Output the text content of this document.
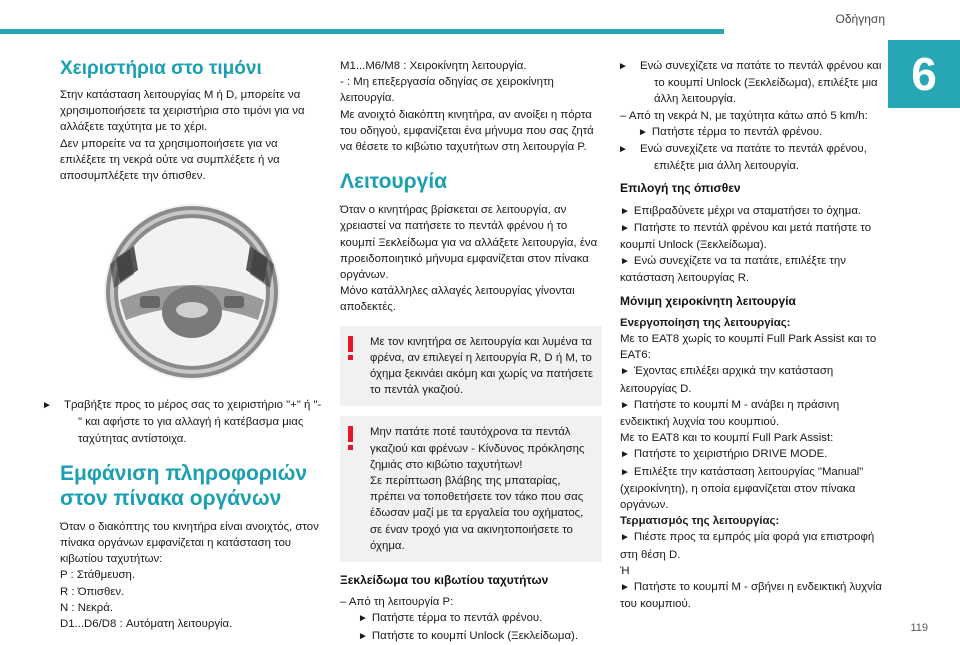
Οδήγηση
6
Χειριστήρια στο τιμόνι

Στην κατάσταση λειτουργίας M ή D, μπορείτε να χρησιμοποιήσετε τα χειριστήρια στο τιμόνι για να αλλάξετε ταχύτητα με το χέρι.

Δεν μπορείτε να τα χρησιμοποιήσετε για να επιλέξετε τη νεκρά ούτε να συμπλέξετε ή να αποσυμπλέξετε την όπισθεν.

► Τραβήξτε προς το μέρος σας το χειριστήριο "+" ή "-" και αφήστε το για αλλαγή ή κατέβασμα μιας ταχύτητας αντίστοιχα.

Εμφάνιση πληροφοριών στον πίνακα οργάνων

Όταν ο διακόπτης του κινητήρα είναι ανοιχτός, στον πίνακα οργάνων εμφανίζεται η κατάσταση του κιβωτίου ταχυτήτων:

P : Στάθμευση.

R : Όπισθεν.

N : Νεκρά.

D1...D6/D8 : Αυτόματη λειτουργία.

M1...M6/M8 : Χειροκίνητη λειτουργία.

- : Μη επεξεργασία οδηγίας σε χειροκίνητη λειτουργία.

Με ανοιχτό διακόπτη κινητήρα, αν ανοίξει η πόρτα του οδηγού, εμφανίζεται ένα μήνυμα που σας ζητά να θέσετε το κιβώτιο ταχυτήτων στη λειτουργία P.

Λειτουργία

Όταν ο κινητήρας βρίσκεται σε λειτουργία, αν χρειαστεί να πατήσετε το πεντάλ φρένου ή το κουμπί Ξεκλείδωμα για να αλλάξετε λειτουργία, ένα προειδοποιητικό μήνυμα εμφανίζεται στον πίνακα οργάνων.

Μόνο κατάλληλες αλλαγές λειτουργίας γίνονται αποδεκτές.

Με τον κινητήρα σε λειτουργία και λυμένα τα φρένα, αν επιλεγεί η λειτουργία R, D ή M, το όχημα ξεκινάει ακόμη και χωρίς να πατήσετε το πεντάλ γκαζιού.

Μην πατάτε ποτέ ταυτόχρονα τα πεντάλ γκαζιού και φρένων - Κίνδυνος πρόκλησης ζημιάς στο κιβώτιο ταχυτήτων!

Σε περίπτωση βλάβης της μπαταρίας, πρέπει να τοποθετήσετε τον τάκο που σας έδωσαν μαζί με τα εργαλεία του οχήματος, σε έναν τροχό για να ακινητοποιήσετε το όχημα.

Ξεκλείδωμα του κιβωτίου ταχυτήτων

– Από τη λειτουργία P:

► Πατήστε τέρμα το πεντάλ φρένου.

► Πατήστε το κουμπί Unlock (Ξεκλείδωμα).

► Ενώ συνεχίζετε να πατάτε το πεντάλ φρένου και το κουμπί Unlock (Ξεκλείδωμα), επιλέξτε μια άλλη λειτουργία.

– Από τη νεκρά N, με ταχύτητα κάτω από 5 km/h:

► Πατήστε τέρμα το πεντάλ φρένου.

► Ενώ συνεχίζετε να πατάτε το πεντάλ φρένου, επιλέξτε μια άλλη λειτουργία.

Επιλογή της όπισθεν

► Επιβραδύνετε μέχρι να σταματήσει το όχημα.

► Πατήστε το πεντάλ φρένου και μετά πατήστε το κουμπί Unlock (Ξεκλείδωμα).

► Ενώ συνεχίζετε να τα πατάτε, επιλέξτε την κατάσταση λειτουργίας R.

Μόνιμη χειροκίνητη λειτουργία

Ενεργοποίηση της λειτουργίας:

Με το EAT8 χωρίς το κουμπί Full Park Assist και το EAT6:

► Έχοντας επιλέξει αρχικά την κατάσταση λειτουργίας D.

► Πατήστε το κουμπί M - ανάβει η πράσινη ενδεικτική λυχνία του κουμπιού.

Με το EAT8 και το κουμπί Full Park Assist:

► Πατήστε το χειριστήριο DRIVE MODE.

► Επιλέξτε την κατάσταση λειτουργίας "Manual" (χειροκίνητη), η οποία εμφανίζεται στον πίνακα οργάνων.

Τερματισμός της λειτουργίας:

► Πιέστε προς τα εμπρός μία φορά για επιστροφή στη θέση D.

Ή

► Πατήστε το κουμπί M - σβήνει η ενδεικτική λυχνία του κουμπιού.

119
